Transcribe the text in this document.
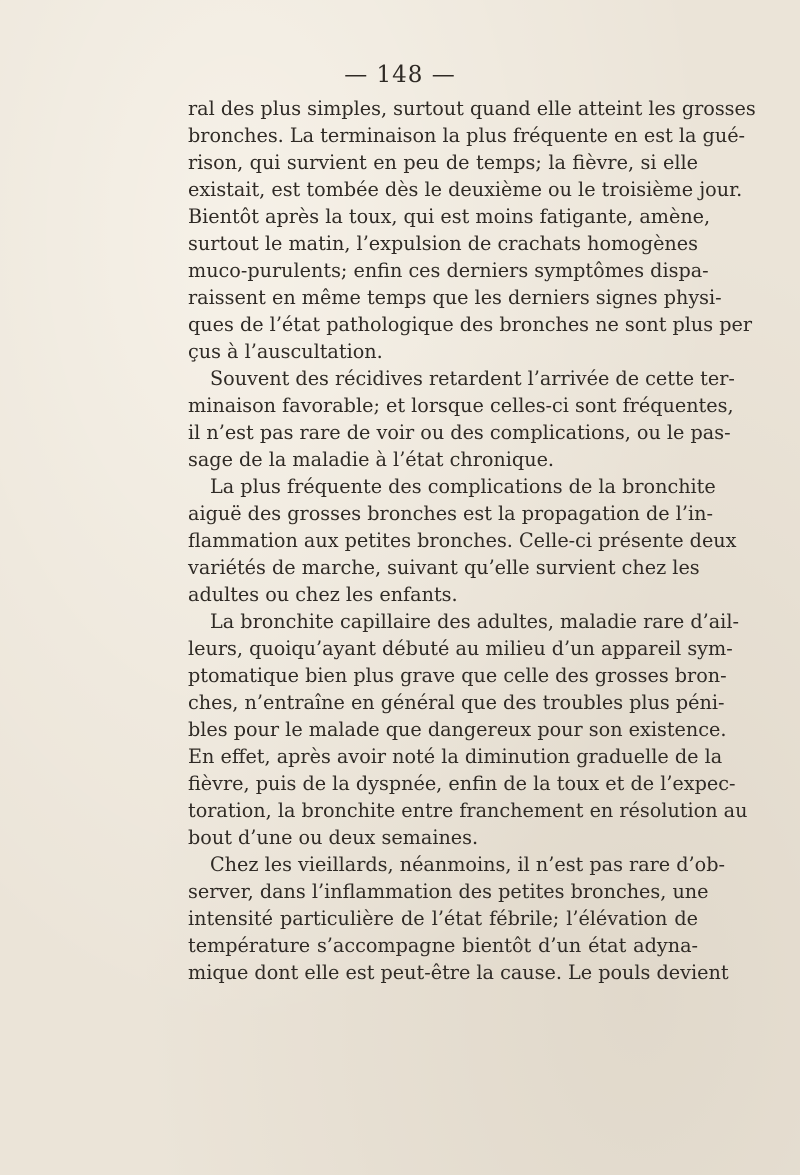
— 148 —
ral des plus simples, surtout quand elle atteint les grosses
bronches. La terminaison la plus fréquente en est la gué-
rison, qui survient en peu de temps; la fièvre, si elle
existait, est tombée dès le deuxième ou le troisième jour.
Bientôt après la toux, qui est moins fatigante, amène,
surtout le matin, l’expulsion de crachats homogènes
muco-purulents; enfin ces derniers symptômes dispa-
raissent en même temps que les derniers signes physi-
ques de l’état pathologique des bronches ne sont plus per
çus à l’auscultation.
Souvent des récidives retardent l’arrivée de cette ter-
minaison favorable; et lorsque celles-ci sont fréquentes,
il n’est pas rare de voir ou des complications, ou le pas-
sage de la maladie à l’état chronique.
La plus fréquente des complications de la bronchite
aiguë des grosses bronches est la propagation de l’in-
flammation aux petites bronches. Celle-ci présente deux
variétés de marche, suivant qu’elle survient chez les
adultes ou chez les enfants.
La bronchite capillaire des adultes, maladie rare d’ail-
leurs, quoiqu’ayant débuté au milieu d’un appareil sym-
ptomatique bien plus grave que celle des grosses bron-
ches, n’entraîne en général que des troubles plus péni-
bles pour le malade que dangereux pour son existence.
En effet, après avoir noté la diminution graduelle de la
fièvre, puis de la dyspnée, enfin de la toux et de l’expec-
toration, la bronchite entre franchement en résolution au
bout d’une ou deux semaines.
Chez les vieillards, néanmoins, il n’est pas rare d’ob-
server, dans l’inflammation des petites bronches, une
intensité particulière de l’état fébrile; l’élévation de
température s’accompagne bientôt d’un état adyna-
mique dont elle est peut-être la cause. Le pouls devient
